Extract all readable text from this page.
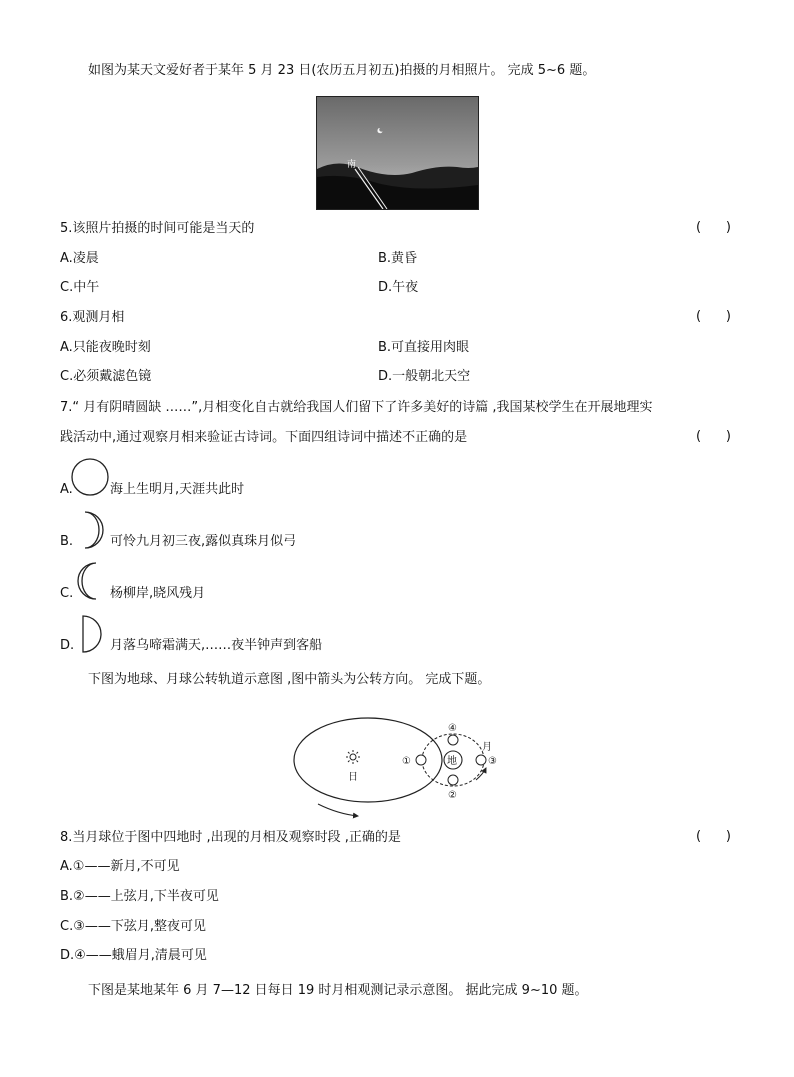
如图为某天文爱好者于某年 5 月 23 日(农历五月初五)拍摄的月相照片。 完成 5~6 题。
南
5.该照片拍摄的时间可能是当天的	(      )
A.凌晨	B.黄昏
C.中午	D.午夜
6.观测月相	(      )
A.只能夜晚时刻	B.可直接用肉眼
C.必须戴滤色镜	D.一般朝北天空
7.“ 月有阴晴圆缺 ……”,月相变化自古就给我国人们留下了许多美好的诗篇 ,我国某校学生在开展地理实
践活动中,通过观察月相来验证古诗词。下面四组诗词中描述不正确的是	(      )
A.	海上生明月,天涯共此时
B.	可怜九月初三夜,露似真珠月似弓
C.	杨柳岸,晓风残月
D.	月落乌啼霜满天,……夜半钟声到客船
下图为地球、月球公转轨道示意图 ,图中箭头为公转方向。 完成下题。
日
地
①
②
③
④
月
8.当月球位于图中四地时 ,出现的月相及观察时段 ,正确的是	(      )
A.①——新月,不可见
B.②——上弦月,下半夜可见
C.③——下弦月,整夜可见
D.④——蛾眉月,清晨可见
下图是某地某年 6 月 7—12 日每日 19 时月相观测记录示意图。 据此完成 9~10 题。
